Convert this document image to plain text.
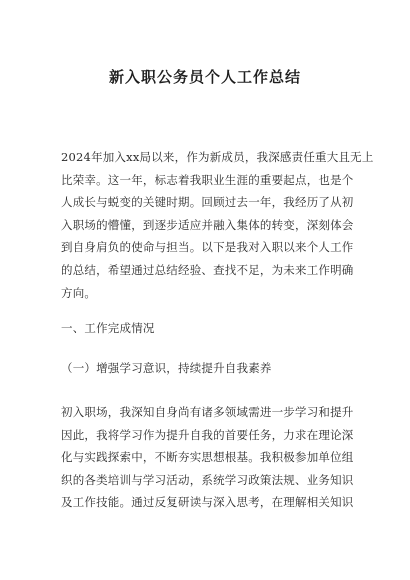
新入职公务员个人工作总结
2024年加入xx局以来，作为新成员，我深感责任重大且无上
比荣幸。这一年，标志着我职业生涯的重要起点，也是个
人成长与蜕变的关键时期。回顾过去一年，我经历了从初
入职场的懵懂，到逐步适应并融入集体的转变，深刻体会
到自身肩负的使命与担当。以下是我对入职以来个人工作
的总结，希望通过总结经验、查找不足，为未来工作明确
方向。
一、工作完成情况
（一）增强学习意识，持续提升自我素养
初入职场，我深知自身尚有诸多领域需进一步学习和提升
因此，我将学习作为提升自我的首要任务，力求在理论深
化与实践探索中，不断夯实思想根基。我积极参加单位组
织的各类培训与学习活动，系统学习政策法规、业务知识
及工作技能。通过反复研读与深入思考，在理解相关知识
